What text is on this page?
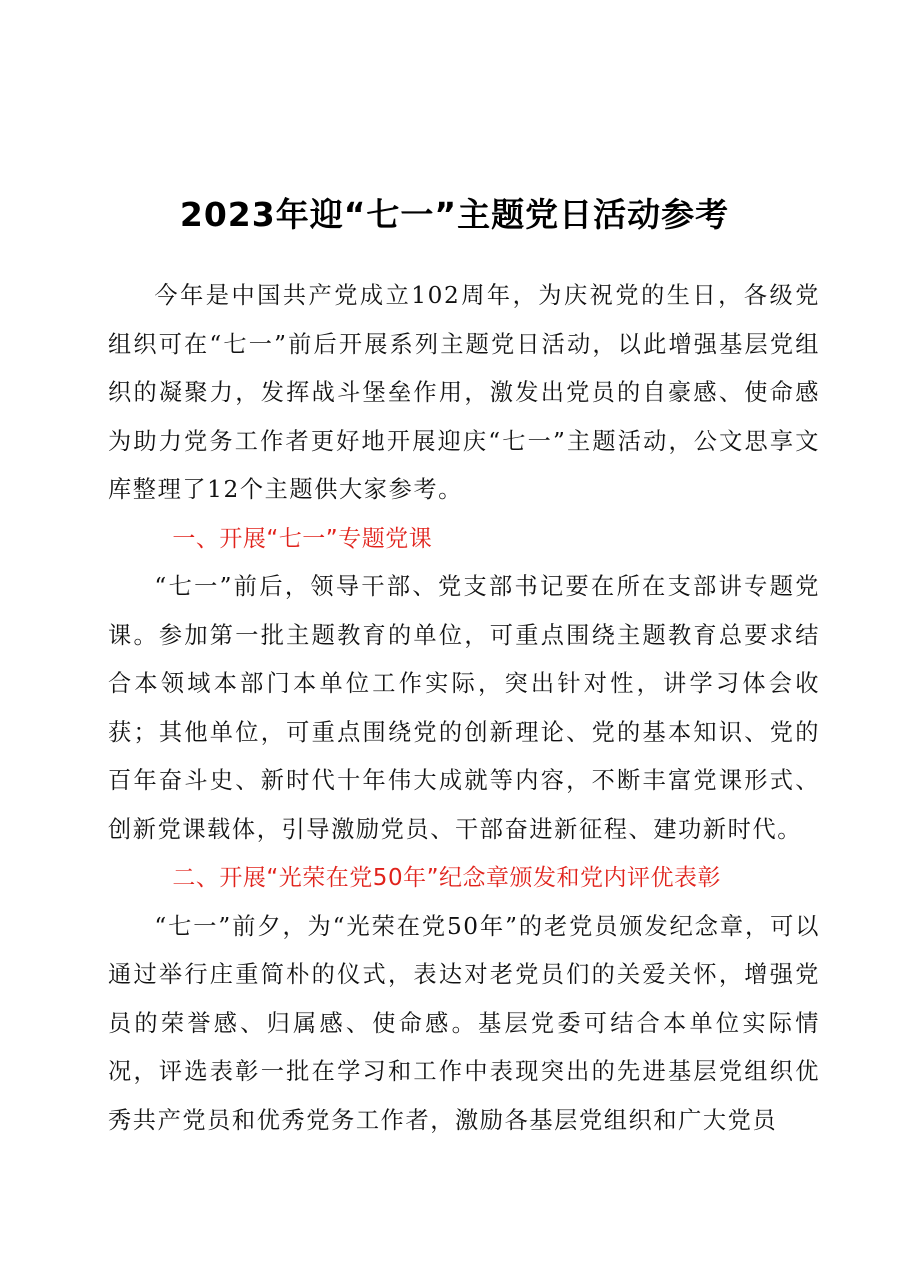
2023年迎“七一”主题党日活动参考

今年是中国共产党成立102周年，为庆祝党的生日，各级党组织可在“七一”前后开展系列主题党日活动，以此增强基层党组织的凝聚力，发挥战斗堡垒作用，激发出党员的自豪感、使命感为助力党务工作者更好地开展迎庆“七一”主题活动，公文思享文库整理了12个主题供大家参考。

一、开展“七一”专题党课

“七一”前后，领导干部、党支部书记要在所在支部讲专题党课。参加第一批主题教育的单位，可重点围绕主题教育总要求结合本领域本部门本单位工作实际，突出针对性，讲学习体会收获；其他单位，可重点围绕党的创新理论、党的基本知识、党的百年奋斗史、新时代十年伟大成就等内容，不断丰富党课形式、创新党课载体，引导激励党员、干部奋进新征程、建功新时代。

二、开展“光荣在党50年”纪念章颁发和党内评优表彰

“七一”前夕，为“光荣在党50年”的老党员颁发纪念章，可以通过举行庄重简朴的仪式，表达对老党员们的关爱关怀，增强党员的荣誉感、归属感、使命感。基层党委可结合本单位实际情况，评选表彰一批在学习和工作中表现突出的先进基层党组织优秀共产党员和优秀党务工作者，激励各基层党组织和广大党员
